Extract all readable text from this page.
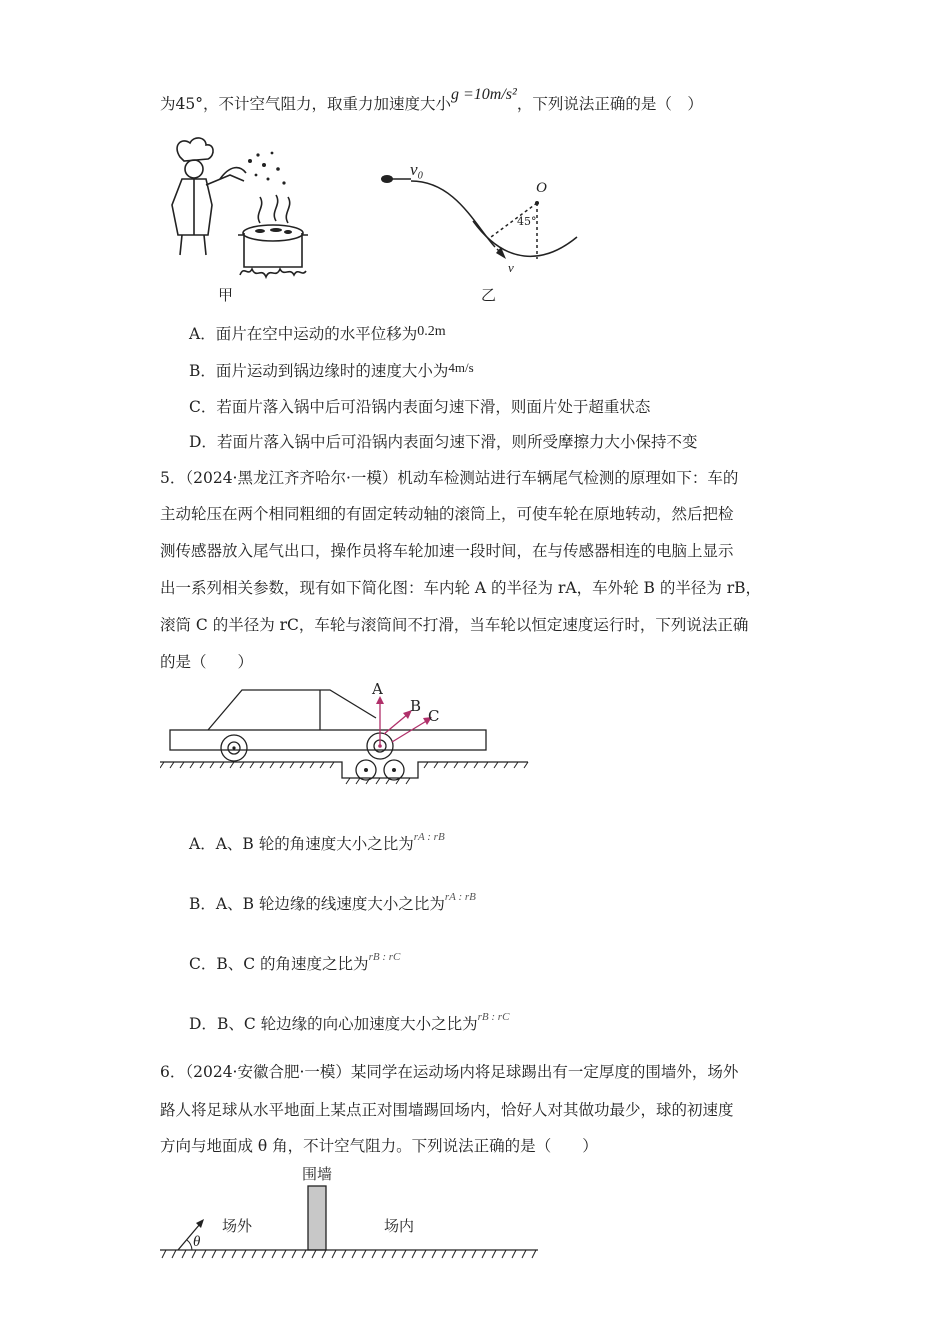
为45°，不计空气阻力，取重力加速度大小g =10m/s²，下列说法正确的是（　）
甲
v₀
O
45°
v
乙
A．面片在空中运动的水平位移为0.2m
B．面片运动到锅边缘时的速度大小为$^{4m/s}$
C．若面片落入锅中后可沿锅内表面匀速下滑，则面片处于超重状态
D．若面片落入锅中后可沿锅内表面匀速下滑，则所受摩擦力大小保持不变
5．（2024·黑龙江齐齐哈尔·一模）机动车检测站进行车辆尾气检测的原理如下：车的
主动轮压在两个相同粗细的有固定转动轴的滚筒上，可使车轮在原地转动，然后把检
测传感器放入尾气出口，操作员将车轮加速一段时间，在与传感器相连的电脑上显示
出一系列相关参数，现有如下简化图：车内轮 A 的半径为 rA，车外轮 B 的半径为 rB，
滚筒 C 的半径为 rC，车轮与滚筒间不打滑，当车轮以恒定速度运行时，下列说法正确
的是（　　）
A
B
C
A．A、B 轮的角速度大小之比为$^{rA : rB}$
B．A、B 轮边缘的线速度大小之比为$^{rA : rB}$
C．B、C 的角速度之比为$^{rB : rC}$
D．B、C 轮边缘的向心加速度大小之比为$^{rB : rC}$
6．（2024·安徽合肥·一模）某同学在运动场内将足球踢出有一定厚度的围墙外，场外
路人将足球从水平地面上某点正对围墙踢回场内，恰好人对其做功最少，球的初速度
方向与地面成 θ 角，不计空气阻力。下列说法正确的是（　　）
围墙
场外	场内
θ
